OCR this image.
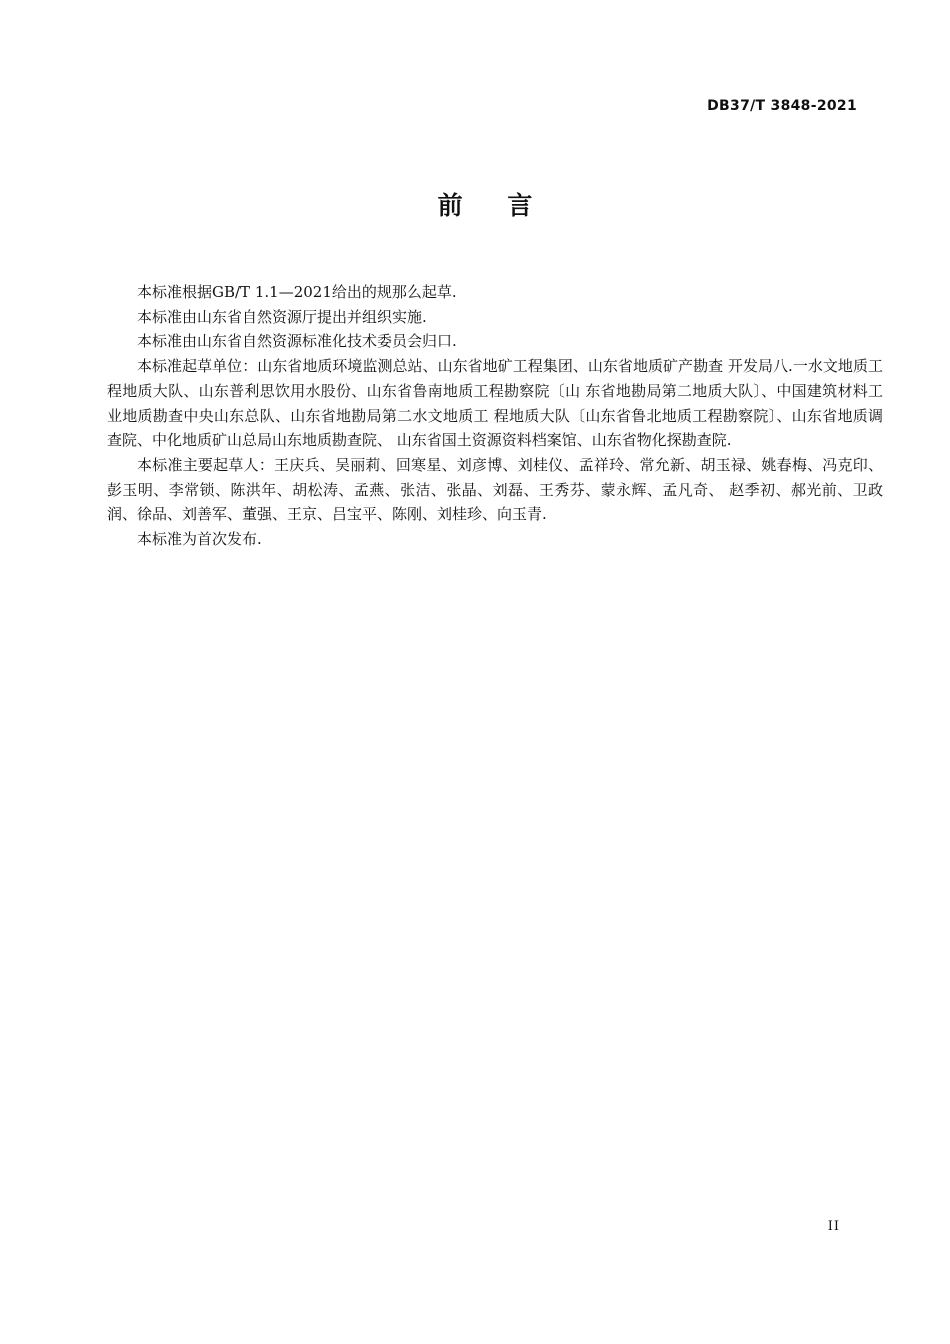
DB37/T 3848-2021
前 言

本标准根据GB/T 1.1—2021给出的规那么起草.

本标准由山东省自然资源厅提出并组织实施.

本标准由山东省自然资源标准化技术委员会归口.

本标准起草单位：山东省地质环境监测总站、山东省地矿工程集团、山东省地质矿产勘查 开发局八.一水文地质工程地质大队、山东普利思饮用水股份、山东省鲁南地质工程勘察院〔山 东省地勘局第二地质大队〕、中国建筑材料工业地质勘查中央山东总队、山东省地勘局第二水文地质工 程地质大队〔山东省鲁北地质工程勘察院〕、山东省地质调查院、中化地质矿山总局山东地质勘查院、 山东省国土资源资料档案馆、山东省物化探勘查院.

本标准主要起草人：王庆兵、吴丽莉、回寒星、刘彦博、刘桂仪、孟祥玲、常允新、胡玉禄、姚春梅、冯克印、彭玉明、李常锁、陈洪年、胡松涛、孟燕、张洁、张晶、刘磊、王秀芬、蒙永辉、孟凡奇、 赵季初、郝光前、卫政润、徐品、刘善军、董强、王京、吕宝平、陈刚、刘桂珍、向玉青.

本标准为首次发布.

II
